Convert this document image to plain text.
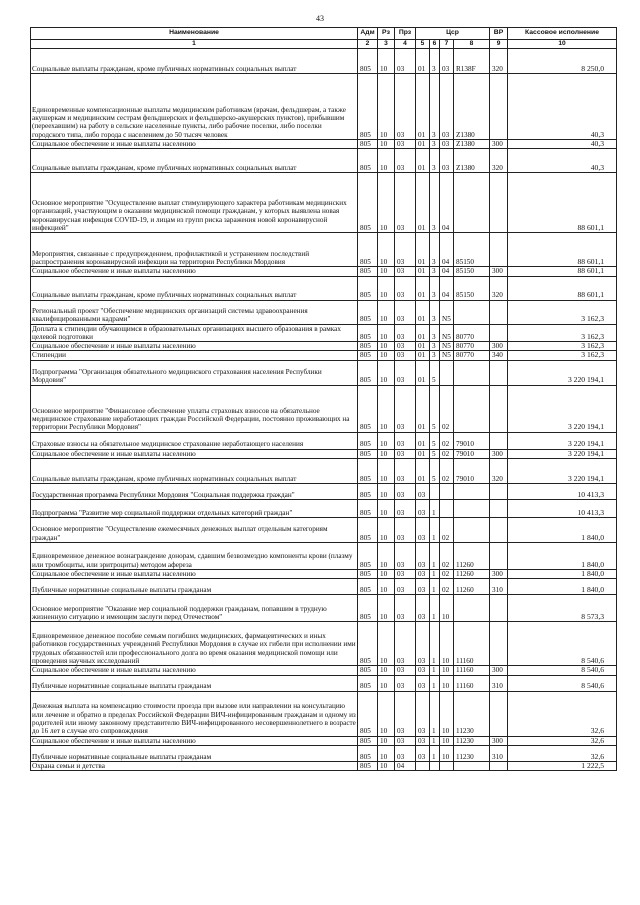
43
Наименование	Адм	Рз	Прз	Цср				ВР	Кассовое исполнение
1	2	3	4	5	6	7	8	9	10
Социальные выплаты гражданам, кроме публичных нормативных социальных выплат	805	10	03	01	3	03	R138F	320	8 250,0
Единовременные компенсационные выплаты медицинским работникам (врачам, фельдшерам, а также акушеркам и медицинским сестрам фельдшерских и фельдшерско-акушерских пунктов), прибывшим (переехавшим) на работу в сельские населенные пункты, либо рабочие поселки, либо поселки городского типа, либо города с населением до 50 тысяч человек	805	10	03	01	3	03	Z1380		40,3
Социальное обеспечение и иные выплаты населению	805	10	03	01	3	03	Z1380	300	40,3
Социальные выплаты гражданам, кроме публичных нормативных социальных выплат	805	10	03	01	3	03	Z1380	320	40,3
Основное мероприятие "Осуществление выплат стимулирующего характера работникам медицинских организаций, участвующим в оказании медицинской помощи гражданам, у которых выявлена новая коронавирусная инфекция COVID-19, и лицам из групп риска заражения новой коронавирусной инфекцией"	805	10	03	01	3	04			88 601,1
Мероприятия, связанные с предупреждением, профилактикой и устранением последствий распространения коронавирусной инфекции на территории Республики Мордовия	805	10	03	01	3	04	85150		88 601,1
Социальное обеспечение и иные выплаты населению	805	10	03	01	3	04	85150	300	88 601,1
Социальные выплаты гражданам, кроме публичных нормативных социальных выплат	805	10	03	01	3	04	85150	320	88 601,1
Региональный проект "Обеспечение медицинских организаций системы здравоохранения квалифицированными кадрами"	805	10	03	01	3	N5			3 162,3
Доплата к стипендии обучающимся в образовательных организациях высшего образования в рамках целевой подготовки	805	10	03	01	3	N5	80770		3 162,3
Социальное обеспечение и иные выплаты населению	805	10	03	01	3	N5	80770	300	3 162,3
Стипендии	805	10	03	01	3	N5	80770	340	3 162,3
Подпрограмма "Организация обязательного медицинского страхования населения Республики Мордовия"	805	10	03	01	5				3 220 194,1
Основное мероприятие "Финансовое обеспечение уплаты страховых взносов на обязательное медицинское страхование неработающих граждан Российской Федерации, постоянно проживающих на территории Республики Мордовия"	805	10	03	01	5	02			3 220 194,1
Страховые взносы на обязательное медицинское страхование неработающего населения	805	10	03	01	5	02	79010		3 220 194,1
Социальное обеспечение и иные выплаты населению	805	10	03	01	5	02	79010	300	3 220 194,1
Социальные выплаты гражданам, кроме публичных нормативных социальных выплат	805	10	03	01	5	02	79010	320	3 220 194,1
Государственная программа Республики Мордовия "Социальная поддержка граждан"	805	10	03	03					10 413,3
Подпрограмма "Развитие мер социальной поддержки отдельных категорий граждан"	805	10	03	03	1				10 413,3
Основное мероприятие "Осуществление ежемесячных денежных выплат отдельным категориям граждан"	805	10	03	03	1	02			1 840,0
Единовременное денежное вознаграждение донорам, сдавшим безвозмездно компоненты крови (плазму или тромбоциты, или эритроциты) методом афереза	805	10	03	03	1	02	11260		1 840,0
Социальное обеспечение и иные выплаты населению	805	10	03	03	1	02	11260	300	1 840,0
Публичные нормативные социальные выплаты гражданам	805	10	03	03	1	02	11260	310	1 840,0
Основное мероприятие "Оказание мер социальной поддержки гражданам, попавшим в трудную жизненную ситуацию и имеющим заслуги перед Отечеством"	805	10	03	03	1	10			8 573,3
Единовременное денежное пособие семьям погибших медицинских, фармацевтических и иных работников государственных учреждений Республики Мордовия в случае их гибели при исполнении ими трудовых обязанностей или профессионального долга во время оказания медицинской помощи или проведения научных исследований	805	10	03	03	1	10	11160		8 540,6
Социальное обеспечение и иные выплаты населению	805	10	03	03	1	10	11160	300	8 540,6
Публичные нормативные социальные выплаты гражданам	805	10	03	03	1	10	11160	310	8 540,6
Денежная выплата на компенсацию стоимости проезда при вызове или направлении на консультацию или лечение и обратно в пределах Российской Федерации ВИЧ-инфицированным гражданам и одному из родителей или иному законному представителю ВИЧ-инфицированного несовершеннолетнего в возрасте до 16 лет в случае его сопровождения	805	10	03	03	1	10	11230		32,6
Социальное обеспечение и иные выплаты населению	805	10	03	03	1	10	11230	300	32,6
Публичные нормативные социальные выплаты гражданам	805	10	03	03	1	10	11230	310	32,6
Охрана семьи и детства	805	10	04						1 222,5
